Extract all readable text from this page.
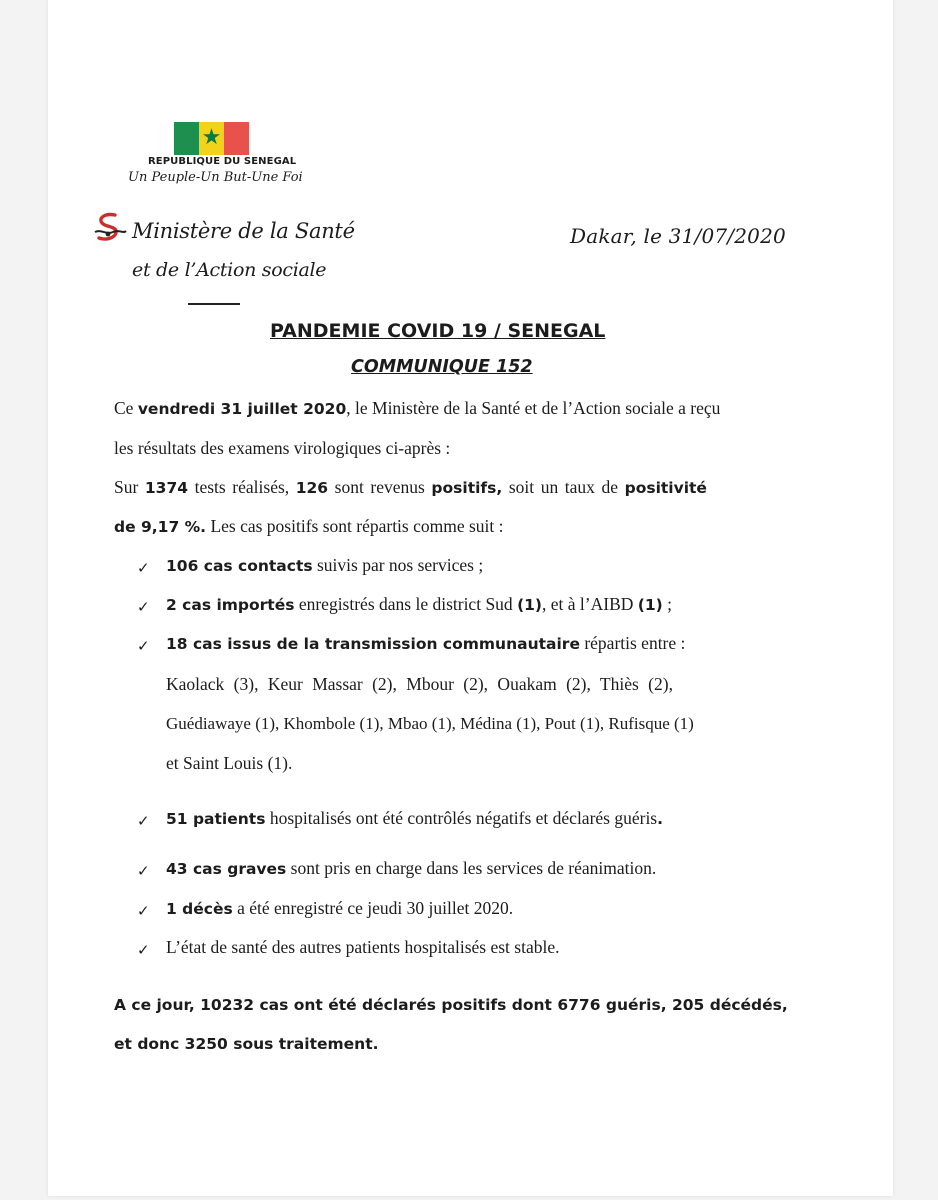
★
REPUBLIQUE DU SENEGAL
Un Peuple-Un But-Une Foi
Ministère de la Santé
et de l’Action sociale
Dakar, le 31/07/2020
PANDEMIE COVID 19 / SENEGAL
COMMUNIQUE 152
Ce vendredi 31 juillet 2020, le Ministère de la Santé et de l’Action sociale a reçu
les résultats des examens virologiques ci-après :
Sur 1374 tests réalisés, 126 sont revenus positifs, soit un taux de positivité
de 9,17 %. Les cas positifs sont répartis comme suit :
✓ 106 cas contacts suivis par nos services ;
✓ 2 cas importés enregistrés dans le district Sud (1), et à l’AIBD (1) ;
✓ 18 cas issus de la transmission communautaire répartis entre :
Kaolack (3), Keur Massar (2), Mbour (2), Ouakam (2), Thiès (2),
Guédiawaye (1), Khombole (1), Mbao (1), Médina (1), Pout (1), Rufisque (1)
et Saint Louis (1).
✓ 51 patients hospitalisés ont été contrôlés négatifs et déclarés guéris.
✓ 43 cas graves sont pris en charge dans les services de réanimation.
✓ 1 décès a été enregistré ce jeudi 30 juillet 2020.
✓ L’état de santé des autres patients hospitalisés est stable.
A ce jour, 10232 cas ont été déclarés positifs dont 6776 guéris, 205 décédés,
et donc 3250 sous traitement.
